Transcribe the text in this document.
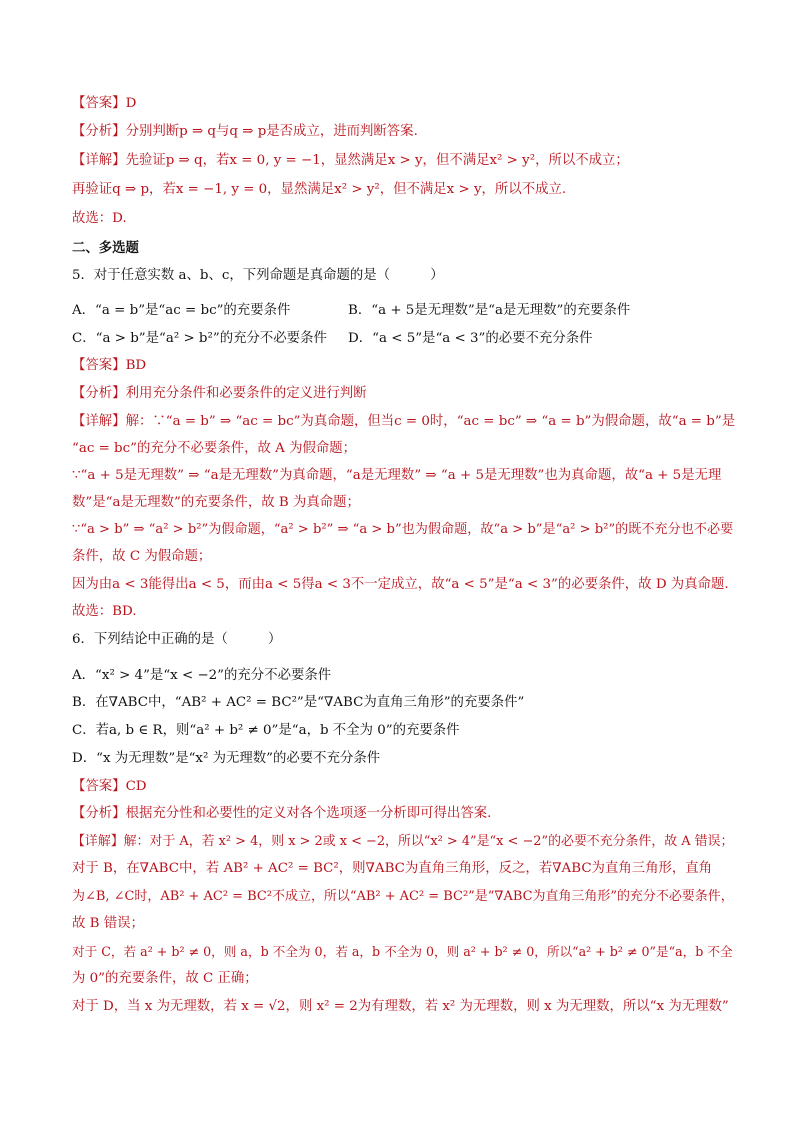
【答案】D
【分析】分别判断p ⇒ q与q ⇒ p是否成立，进而判断答案.
【详解】先验证p ⇒ q，若x = 0, y = −1，显然满足x > y，但不满足x² > y²，所以不成立；
再验证q ⇒ p，若x = −1, y = 0，显然满足x² > y²，但不满足x > y，所以不成立.
故选：D.
二、多选题
5．对于任意实数 a、b、c，下列命题是真命题的是（　　　）
A．“a = b”是“ac = bc”的充要条件	B．“a + 5是无理数”是“a是无理数”的充要条件
C．“a > b”是“a² > b²”的充分不必要条件 D．“a < 5”是“a < 3”的必要不充分条件
【答案】BD
【分析】利用充分条件和必要条件的定义进行判断
【详解】解：∵“a = b” ⇒ “ac = bc”为真命题，但当c = 0时，“ac = bc” ⇒ “a = b”为假命题，故“a = b”是
“ac = bc”的充分不必要条件，故 A 为假命题；
∵“a + 5是无理数” ⇒ “a是无理数”为真命题，“a是无理数” ⇒ “a + 5是无理数”也为真命题，故“a + 5是无理
数”是“a是无理数”的充要条件，故 B 为真命题；
∵“a > b” ⇒ “a² > b²”为假命题，“a² > b²” ⇒ “a > b”也为假命题，故“a > b”是“a² > b²”的既不充分也不必要
条件，故 C 为假命题；
因为由a < 3能得出a < 5，而由a < 5得a < 3不一定成立，故“a < 5”是“a < 3”的必要条件，故 D 为真命题.
故选：BD.
6．下列结论中正确的是（　　　）
A．“x² > 4”是“x < −2”的充分不必要条件
B．在∇ABC中，“AB² + AC² = BC²”是“∇ABC为直角三角形”的充要条件”
C．若a, b ∈ R，则“a² + b² ≠ 0”是“a，b 不全为 0”的充要条件
D．“x 为无理数”是“x² 为无理数”的必要不充分条件
【答案】CD
【分析】根据充分性和必要性的定义对各个选项逐一分析即可得出答案.
【详解】解：对于 A，若 x² > 4，则 x > 2或 x < −2，所以“x² > 4”是“x < −2”的必要不充分条件，故 A 错误；
对于 B，在∇ABC中，若 AB² + AC² = BC²，则∇ABC为直角三角形，反之，若∇ABC为直角三角形，直角
为∠B, ∠C时，AB² + AC² = BC²不成立，所以“AB² + AC² = BC²”是“∇ABC为直角三角形”的充分不必要条件，
故 B 错误；
对于 C，若 a² + b² ≠ 0，则 a，b 不全为 0，若 a，b 不全为 0，则 a² + b² ≠ 0，所以“a² + b² ≠ 0”是“a，b 不全
为 0”的充要条件，故 C 正确；
对于 D，当 x 为无理数，若 x = √2，则 x² = 2为有理数，若 x² 为无理数，则 x 为无理数，所以“x 为无理数”
